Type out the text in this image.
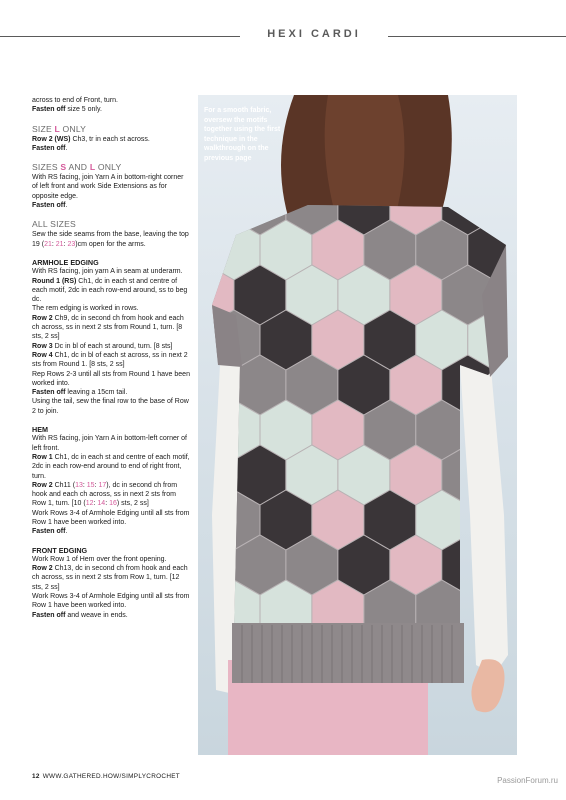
HEXI CARDI

across to end of Front, turn.

Fasten off size 5 only.

SIZE L ONLY

Row 2 (WS) Ch3, tr in each st across.

Fasten off.

SIZES S AND L ONLY

With RS facing, join Yarn A in bottom-right corner of left front and work Side Extensions as for opposite edge.

Fasten off.

ALL SIZES

Sew the side seams from the base, leaving the top 19 (21: 21: 23)cm open for the arms.

ARMHOLE EDGING

With RS facing, join yarn A in seam at underarm.

Round 1 (RS) Ch1, dc in each st and centre of each motif, 2dc in each row-end around, ss to beg dc.

The rem edging is worked in rows.

Row 2 Ch9, dc in second ch from hook and each ch across, ss in next 2 sts from Round 1, turn. [8 sts, 2 ss]

Row 3 Dc in bl of each st around, turn. [8 sts]

Row 4 Ch1, dc in bl of each st across, ss in next 2 sts from Round 1. [8 sts, 2 ss]

Rep Rows 2-3 until all sts from Round 1 have been worked into.

Fasten off leaving a 15cm tail.

Using the tail, sew the final row to the base of Row 2 to join.

HEM

With RS facing, join Yarn A in bottom-left corner of left front.

Row 1 Ch1, dc in each st and centre of each motif, 2dc in each row-end around to end of right front, turn.

Row 2 Ch11 (13: 15: 17), dc in second ch from hook and each ch across, ss in next 2 sts from Row 1, turn. [10 (12: 14: 16) sts, 2 ss]

Work Rows 3-4 of Armhole Edging until all sts from Row 1 have been worked into.

Fasten off.

FRONT EDGING

Work Row 1 of Hem over the front opening.

Row 2 Ch13, dc in second ch from hook and each ch across, ss in next 2 sts from Row 1, turn. [12 sts, 2 ss]

Work Rows 3-4 of Armhole Edging until all sts from Row 1 have been worked into.

Fasten off and weave in ends.

For a smooth fabric, oversew the motifs together using the first technique in the walkthrough on the previous page
12 WWW.GATHERED.HOW/SIMPLYCROCHET	PassionForum.ru
